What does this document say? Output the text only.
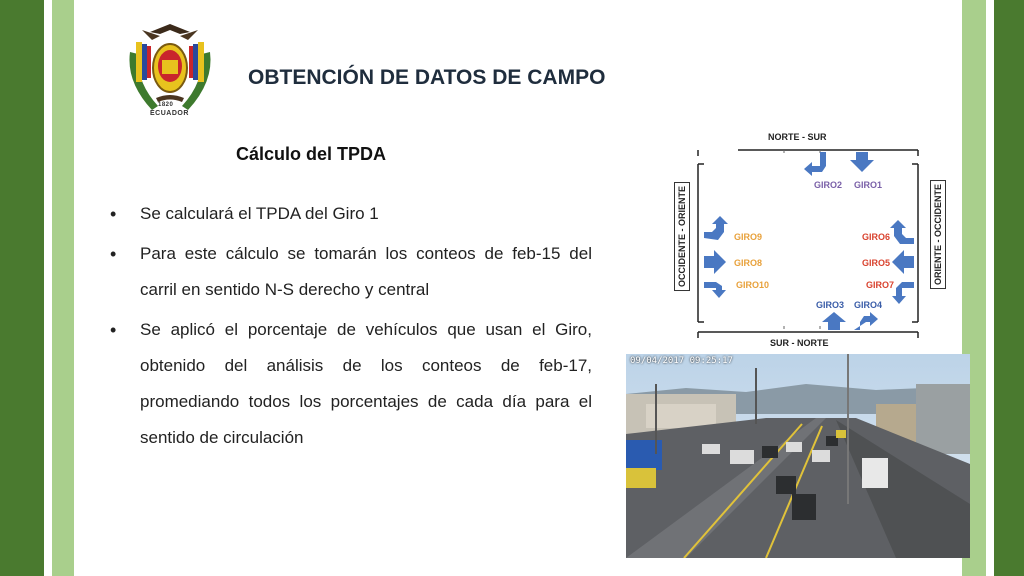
1820
ECUADOR
OBTENCIÓN DE DATOS DE CAMPO
Cálculo del TPDA
• Se calculará el TPDA del Giro 1
• Para este cálculo se tomarán los conteos de feb-15 del carril en sentido N-S derecho y central
• Se aplicó el porcentaje de vehículos que usan el Giro, obtenido del análisis de los conteos de feb-17, promediando todos los porcentajes de cada día para el sentido de circulación
NORTE - SUR
SUR - NORTE
OCCIDENTE - ORIENTE	ORIENTE - OCCIDENTE
GIRO1
GIRO2
GIRO3 GIRO4
GIRO5
GIRO6
GIRO7
GIRO8
GIRO9
GIRO10
09/04/2017 09:25:17
